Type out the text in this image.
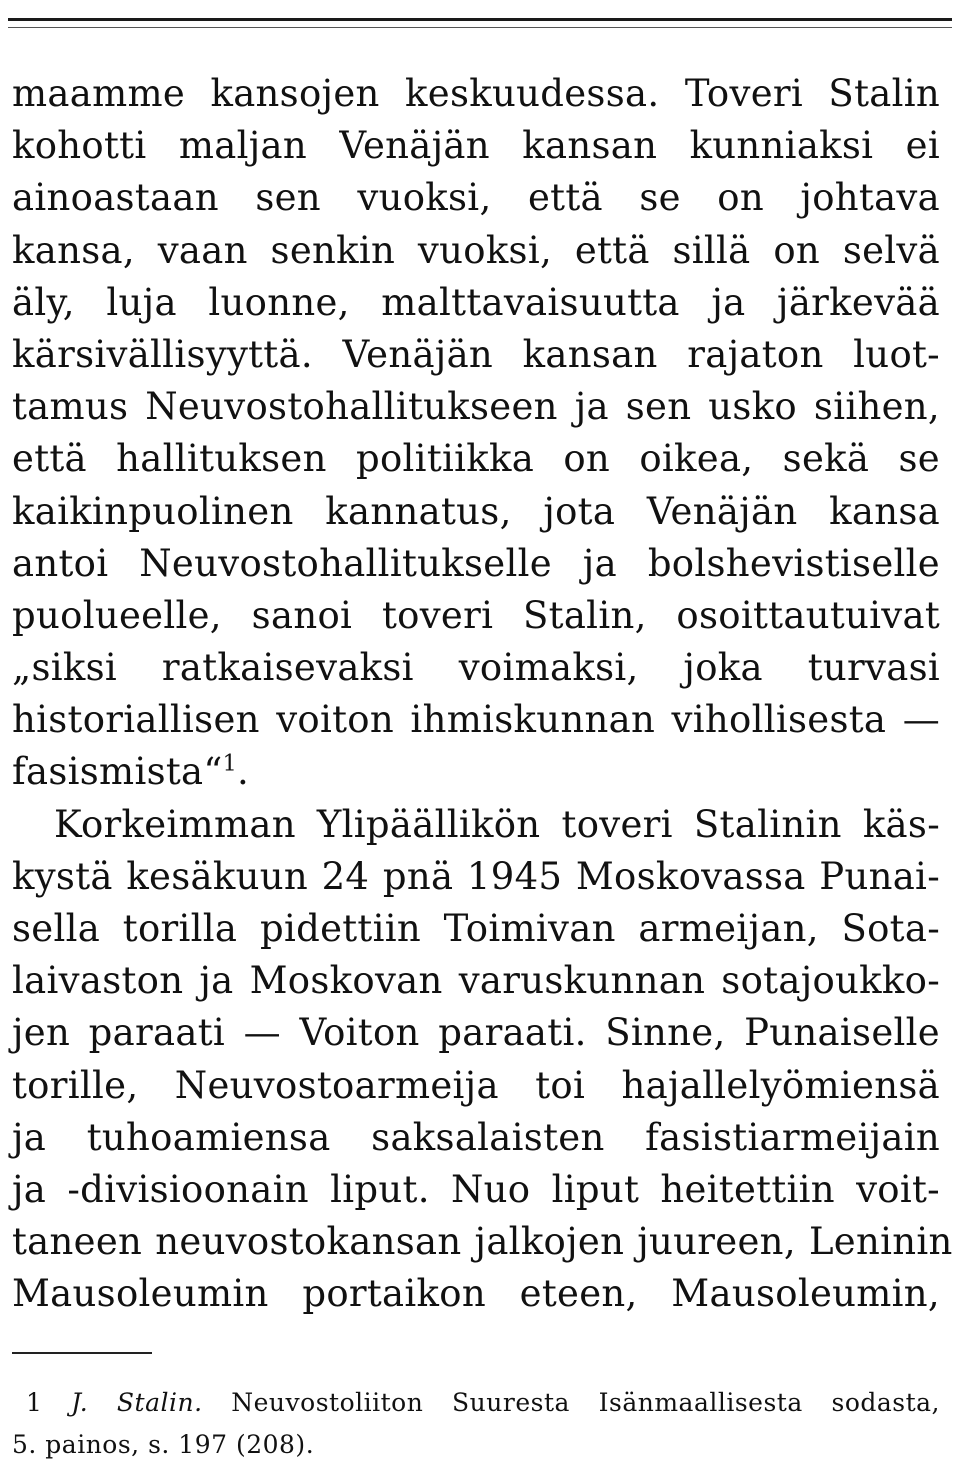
maamme kansojen keskuudessa. Toveri Stalin
kohotti maljan Venäjän kansan kunniaksi ei
ainoastaan sen vuoksi, että se on johtava
kansa, vaan senkin vuoksi, että sillä on selvä
äly, luja luonne, malttavaisuutta ja järkevää
kärsivällisyyttä. Venäjän kansan rajaton luot-
tamus Neuvostohallitukseen ja sen usko siihen,
että hallituksen politiikka on oikea, sekä se
kaikinpuolinen kannatus, jota Venäjän kansa
antoi Neuvostohallitukselle ja bolshevistiselle
puolueelle, sanoi toveri Stalin, osoittautuivat
„siksi ratkaisevaksi voimaksi, joka turvasi
historiallisen voiton ihmiskunnan vihollisesta —
fasismista“$^1$.
Korkeimman Ylipäällikön toveri Stalinin käs-
kystä kesäkuun 24 pnä 1945 Moskovassa Punai-
sella torilla pidettiin Toimivan armeijan, Sota-
laivaston ja Moskovan varuskunnan sotajoukko-
jen paraati — Voiton paraati. Sinne, Punaiselle
torille, Neuvostoarmeija toi hajallelyömiensä
ja tuhoamiensa saksalaisten fasistiarmeijain
ja -divisioonain liput. Nuo liput heitettiin voit-
taneen neuvostokansan jalkojen juureen, Leninin
Mausoleumin portaikon eteen, Mausoleumin,
1 J. Stalin. Neuvostoliiton Suuresta Isänmaallisesta sodasta,
5. painos, s. 197 (208).
